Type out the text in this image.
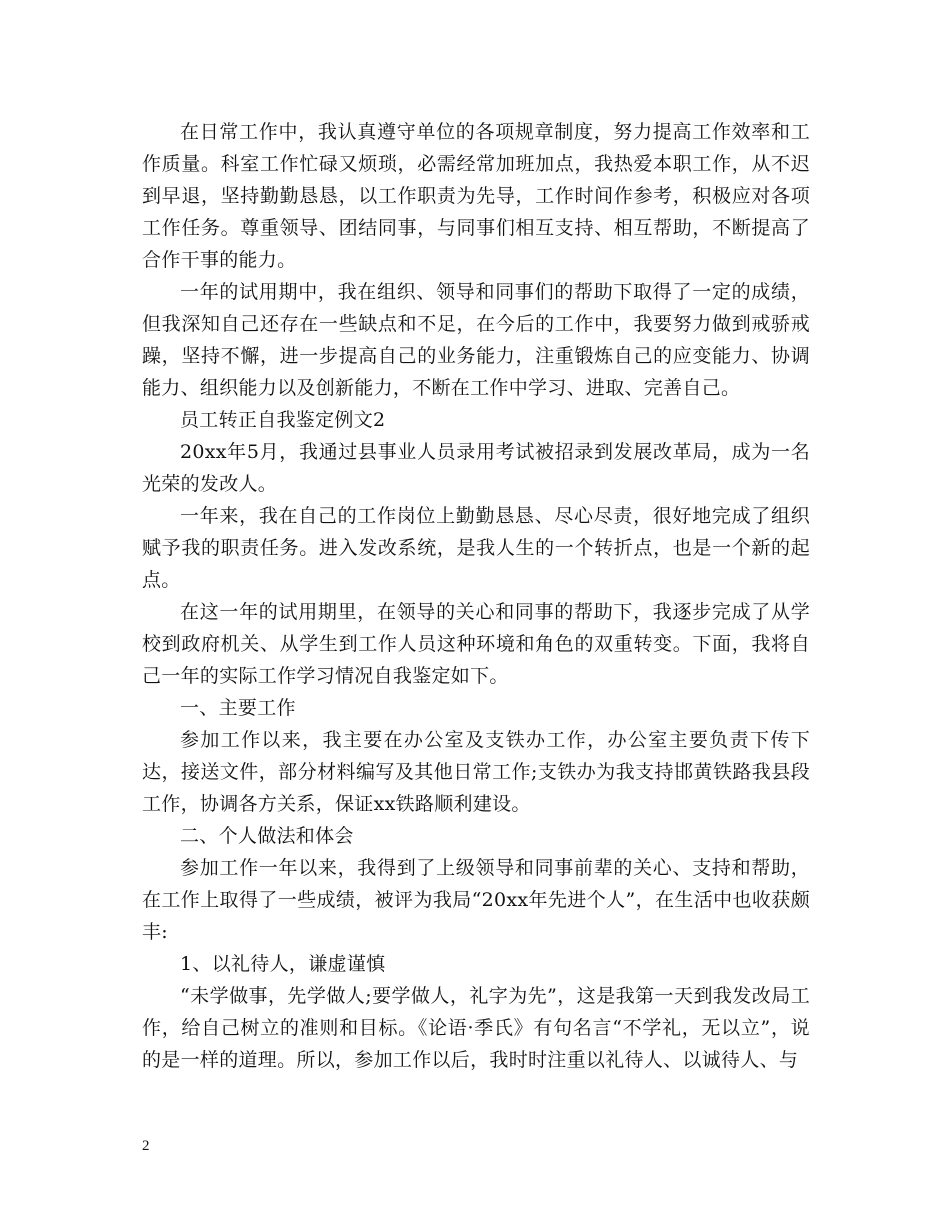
在日常工作中，我认真遵守单位的各项规章制度，努力提高工作效率和工作质量。科室工作忙碌又烦琐，必需经常加班加点，我热爱本职工作，从不迟到早退，坚持勤勤恳恳，以工作职责为先导，工作时间作参考，积极应对各项工作任务。尊重领导、团结同事，与同事们相互支持、相互帮助，不断提高了合作干事的能力。

一年的试用期中，我在组织、领导和同事们的帮助下取得了一定的成绩，但我深知自己还存在一些缺点和不足，在今后的工作中，我要努力做到戒骄戒躁，坚持不懈，进一步提高自己的业务能力，注重锻炼自己的应变能力、协调能力、组织能力以及创新能力，不断在工作中学习、进取、完善自己。

员工转正自我鉴定例文2

20xx年5月，我通过县事业人员录用考试被招录到发展改革局，成为一名光荣的发改人。

一年来，我在自己的工作岗位上勤勤恳恳、尽心尽责，很好地完成了组织赋予我的职责任务。进入发改系统，是我人生的一个转折点，也是一个新的起点。

在这一年的试用期里，在领导的关心和同事的帮助下，我逐步完成了从学校到政府机关、从学生到工作人员这种环境和角色的双重转变。下面，我将自己一年的实际工作学习情况自我鉴定如下。

一、主要工作

参加工作以来，我主要在办公室及支铁办工作，办公室主要负责下传下达，接送文件，部分材料编写及其他日常工作;支铁办为我支持邯黄铁路我县段工作，协调各方关系，保证xx铁路顺利建设。

二、个人做法和体会

参加工作一年以来，我得到了上级领导和同事前辈的关心、支持和帮助，在工作上取得了一些成绩，被评为我局“20xx年先进个人”，在生活中也收获颇丰:

1、以礼待人，谦虚谨慎

“未学做事，先学做人;要学做人，礼字为先”，这是我第一天到我发改局工作，给自己树立的准则和目标。《论语·季氏》有句名言“不学礼，无以立”，说的是一样的道理。所以，参加工作以后，我时时注重以礼待人、以诚待人、与

2
